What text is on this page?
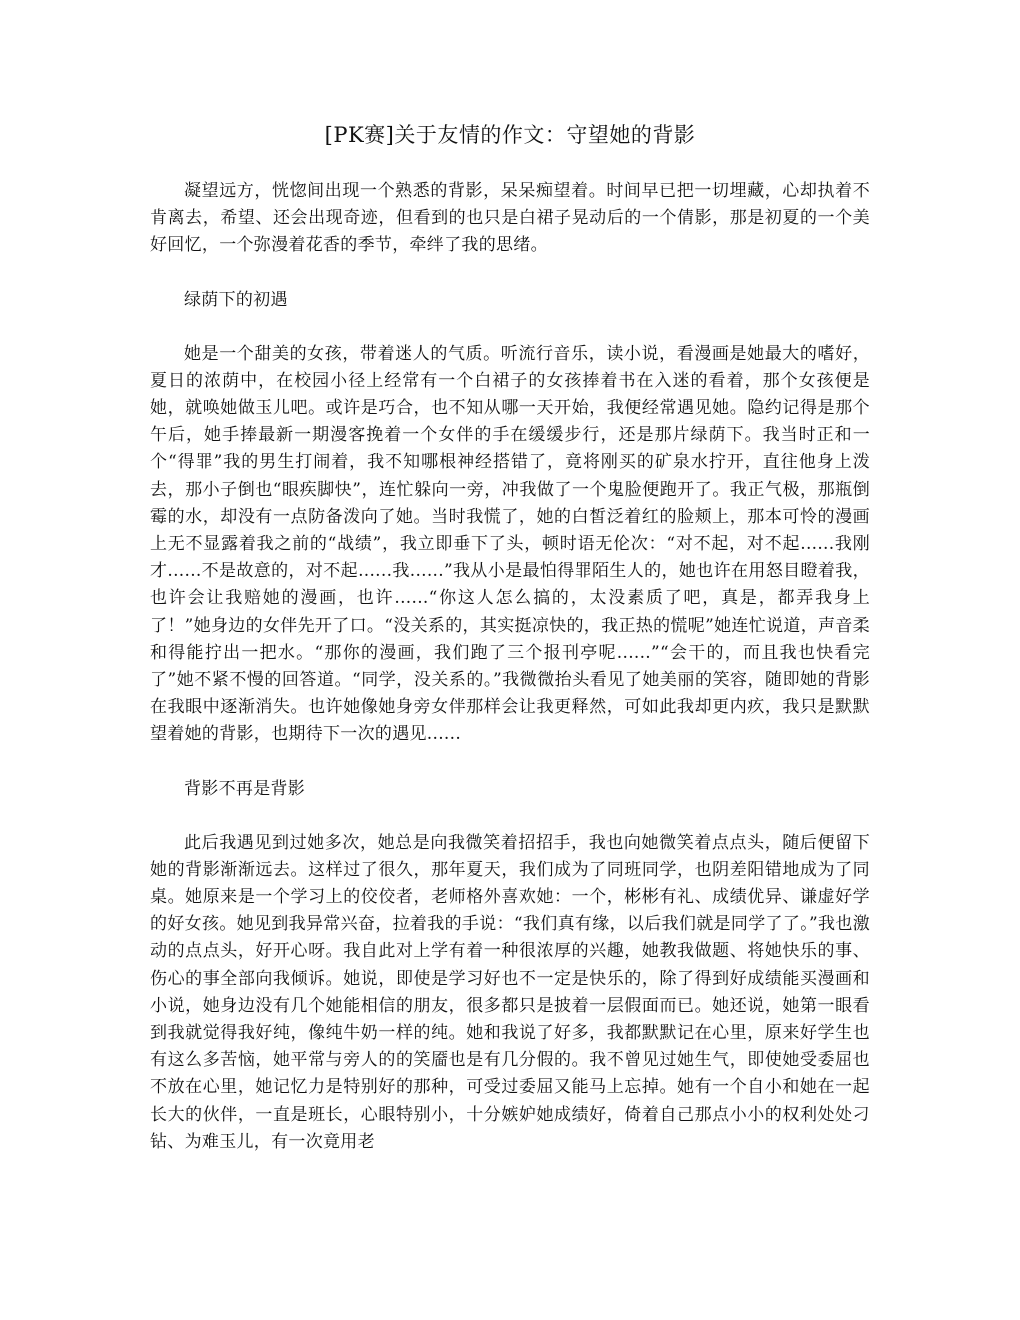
[PK赛]关于友情的作文：守望她的背影

凝望远方，恍惚间出现一个熟悉的背影，呆呆痴望着。时间早已把一切埋藏，心却执着不肯离去，希望、还会出现奇迹，但看到的也只是白裙子晃动后的一个倩影，那是初夏的一个美好回忆，一个弥漫着花香的季节，牵绊了我的思绪。

绿荫下的初遇

她是一个甜美的女孩，带着迷人的气质。听流行音乐，读小说，看漫画是她最大的嗜好，夏日的浓荫中，在校园小径上经常有一个白裙子的女孩捧着书在入迷的看着，那个女孩便是她，就唤她做玉儿吧。或许是巧合，也不知从哪一天开始，我便经常遇见她。隐约记得是那个午后，她手捧最新一期漫客挽着一个女伴的手在缓缓步行，还是那片绿荫下。我当时正和一个“得罪”我的男生打闹着，我不知哪根神经搭错了，竟将刚买的矿泉水拧开，直往他身上泼去，那小子倒也“眼疾脚快”，连忙躲向一旁，冲我做了一个鬼脸便跑开了。我正气极，那瓶倒霉的水，却没有一点防备泼向了她。当时我慌了，她的白皙泛着红的脸颊上，那本可怜的漫画上无不显露着我之前的“战绩”，我立即垂下了头，顿时语无伦次：“对不起，对不起......我刚才......不是故意的，对不起......我......”我从小是最怕得罪陌生人的，她也许在用怒目瞪着我，也许会让我赔她的漫画，也许......“你这人怎么搞的，太没素质了吧，真是，都弄我身上了！”她身边的女伴先开了口。“没关系的，其实挺凉快的，我正热的慌呢”她连忙说道，声音柔和得能拧出一把水。“那你的漫画，我们跑了三个报刊亭呢......”“会干的，而且我也快看完了”她不紧不慢的回答道。“同学，没关系的。”我微微抬头看见了她美丽的笑容，随即她的背影在我眼中逐渐消失。也许她像她身旁女伴那样会让我更释然，可如此我却更内疚，我只是默默望着她的背影，也期待下一次的遇见......

背影不再是背影

此后我遇见到过她多次，她总是向我微笑着招招手，我也向她微笑着点点头，随后便留下她的背影渐渐远去。这样过了很久，那年夏天，我们成为了同班同学，也阴差阳错地成为了同桌。她原来是一个学习上的佼佼者，老师格外喜欢她：一个，彬彬有礼、成绩优异、谦虚好学的好女孩。她见到我异常兴奋，拉着我的手说：“我们真有缘，以后我们就是同学了了。”我也激动的点点头，好开心呀。我自此对上学有着一种很浓厚的兴趣，她教我做题、将她快乐的事、伤心的事全部向我倾诉。她说，即使是学习好也不一定是快乐的，除了得到好成绩能买漫画和小说，她身边没有几个她能相信的朋友，很多都只是披着一层假面而已。她还说，她第一眼看到我就觉得我好纯，像纯牛奶一样的纯。她和我说了好多，我都默默记在心里，原来好学生也有这么多苦恼，她平常与旁人的的笑靥也是有几分假的。我不曾见过她生气，即使她受委屈也不放在心里，她记忆力是特别好的那种，可受过委屈又能马上忘掉。她有一个自小和她在一起长大的伙伴，一直是班长，心眼特别小，十分嫉妒她成绩好，倚着自己那点小小的权利处处刁钻、为难玉儿，有一次竟用老
